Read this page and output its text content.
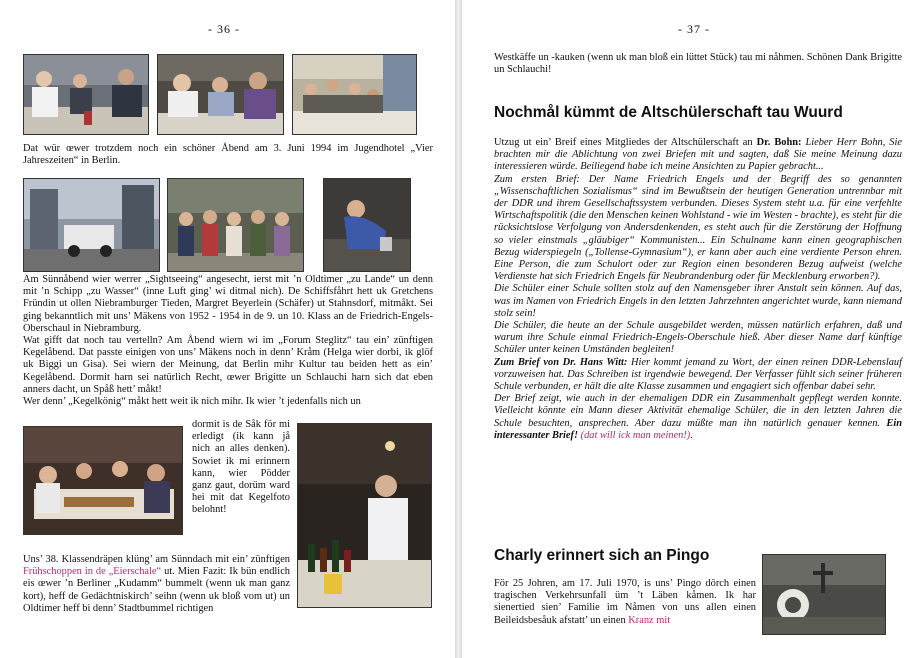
- 36 -
Dat wür œwer trotzdem noch ein schöner Åbend am 3. Juni 1994 im Jugendhotel „Vier Jahreszeiten“ in Berlin.

Am Sünnåbend wier werrer „Sightseeing“ angesecht, ierst mit ’n Oldtimer „zu Lande“ un denn mit ’n Schipp „zu Wasser“ (inne Luft ging’ wi ditmal nich). De Schiffsfåhrt hett uk Gretchens Fründin ut ollen Niebramburger Tieden, Margret Beyerlein (Schäfer) ut Stahnsdorf, mitmåkt. Sei ging bekanntlich mit uns’ Mäkens von 1952 - 1954 in de 9. un 10. Klass an de Friedrich-Engels-Oberschaul in Niebramburg.

Wat gifft dat noch tau vertelln? Am Åbend wiern wi im „Forum Steglitz“ tau ein’ zünftigen Kegelåbend. Dat passte einigen von uns’ Mäkens noch in denn’ Kråm (Helga wier dorbi, ik glöf uk Biggi un Gisa). Sei wiern der Meinung, dat Berlin mihr Kultur tau beiden hett as ein’ Kegelåbend. Dormit harn sei natürlich Recht, œwer Brigitte un Schlauchi harn sich dat eben anners dacht, un Spåß hett’ måkt!

Wer denn’ „Kegelkönig“ måkt hett weit ik nich mihr. Ik wier ’t jedenfalls nich un

dormit is de Såk för mi erledigt (ik kann jå nich an alles denken). Sowiet ik mi erinnern kann, wier Pödder ganz gaut, dorüm ward hei mit dat Kegelfoto belohnt!

Uns’ 38. Klassendräpen klüng’ am Sünndach mit ein’ zünftigen Frühschoppen in de „Eierschale“ ut. Mien Fazit: Ik bün endlich eis œwer ’n Berliner „Kudamm“ bummelt (wenn uk man ganz kort), heff de Gedächtniskirch’ seihn (wenn uk bloß vom ut) un Oldtimer heff bi denn’ Stadtbummel richtigen

- 37 -
Westkäffe un -kauken (wenn uk man bloß ein lüttet Stück) tau mi nåhmen. Schönen Dank Brigitte un Schlauchi!
Nochmål kümmt de Altschülerschaft tau Wuurd

Utzug ut ein’ Breif eines Mitgliedes der Altschülerschaft an Dr. Bohn: Lieber Herr Bohn, Sie brachten mir die Ablichtung von zwei Briefen mit und sagten, daß Sie meine Meinung dazu interessieren würde. Beiliegend habe ich meine Ansichten zu Papier gebracht...

Zum ersten Brief: Der Name Friedrich Engels und der Begriff des so genannten „Wissenschaftlichen Sozialismus“ sind im Bewußtsein der heutigen Generation untrennbar mit der DDR und ihrem Gesellschaftssystem verbunden. Dieses System steht u.a. für eine verfehlte Wirtschaftspolitik (die den Menschen keinen Wohlstand - wie im Westen - brachte), es steht für die rücksichtslose Verfolgung von Andersdenkenden, es steht auch für die Zerstörung der Hoffnung so vieler einstmals „gläubiger“ Kommunisten... Ein Schulname kann einen geographischen Bezug widerspiegeln („Tollense-Gymnasium“), er kann aber auch eine verdiente Person ehren. Eine Person, die zum Schulort oder zur Region einen besonderen Bezug aufweist (welche Verdienste hat sich Friedrich Engels für Neubrandenburg oder für Mecklenburg erworben?).

Die Schüler einer Schule sollten stolz auf den Namensgeber ihrer Anstalt sein können. Auf das, was im Namen von Friedrich Engels in den letzten Jahrzehnten angerichtet wurde, kann niemand stolz sein!

Die Schüler, die heute an der Schule ausgebildet werden, müssen natürlich erfahren, daß und warum ihre Schule einmal Friedrich-Engels-Oberschule hieß. Aber dieser Name darf künftige Schüler unter keinen Umständen begleiten!

Zum Brief von Dr. Hans Witt: Hier kommt jemand zu Wort, der einen reinen DDR-Lebenslauf vorzuweisen hat. Das Schreiben ist irgendwie bewegend. Der Verfasser fühlt sich seiner früheren Schule verbunden, er hält die alte Klasse zusammen und engagiert sich offenbar dabei sehr.

Der Brief zeigt, wie auch in der ehemaligen DDR ein Zusammenhalt gepflegt werden konnte. Vielleicht könnte ein Mann dieser Aktivität ehemalige Schüler, die in den letzten Jahren die Schule besuchten, ansprechen. Aber dazu müßte man ihn natürlich genauer kennen. Ein interessanter Brief! (dat will ick man meinen!).

Charly erinnert sich an Pingo

För 25 Johren, am 17. Juli 1970, is uns’ Pingo dörch einen tragischen Verkehrsunfall üm ’t Läben kåmen. Ik har sienertied sien’ Familie im Nåmen von uns allen einen Beileidsbesåuk afstatt’ un einen Kranz mit
